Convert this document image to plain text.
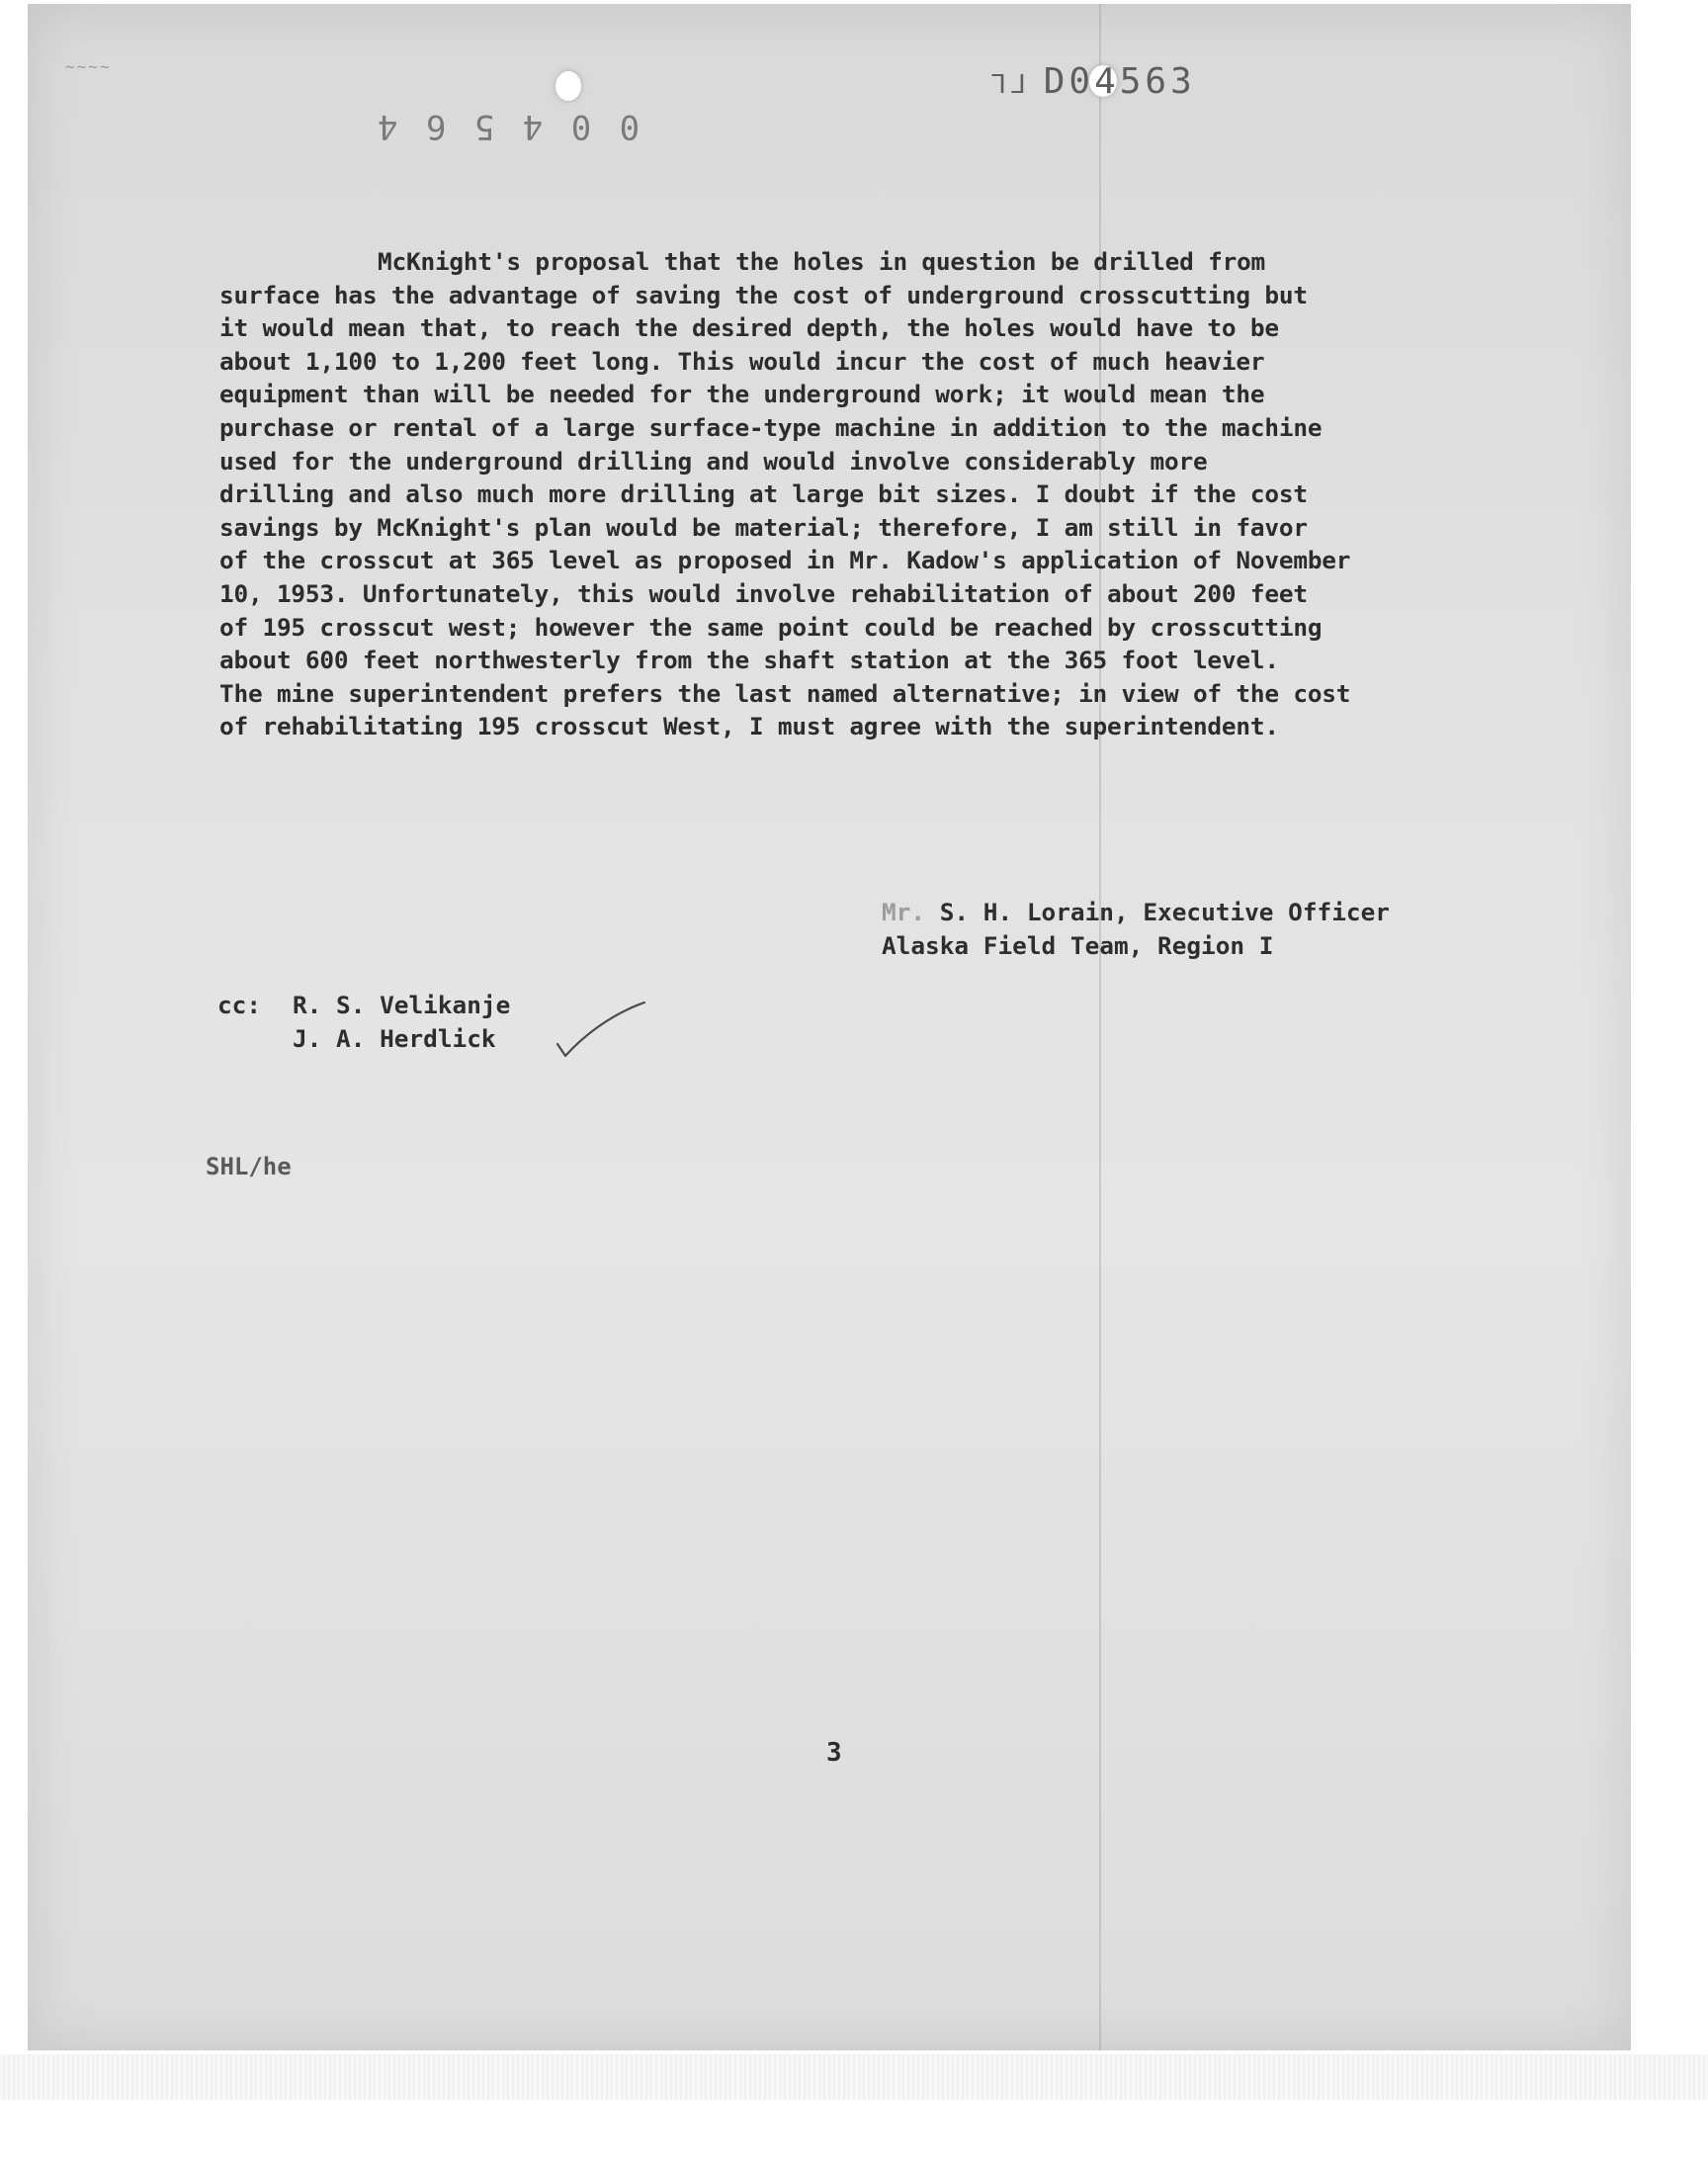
~~~~
0 0 4 5 6 4
ᒣᒧ D04563
McKnight's proposal that the holes in question be drilled from
surface has the advantage of saving the cost of underground crosscutting but
it would mean that, to reach the desired depth, the holes would have to be
about 1,100 to 1,200 feet long. This would incur the cost of much heavier
equipment than will be needed for the underground work; it would mean the
purchase or rental of a large surface-type machine in addition to the machine
used for the underground drilling and would involve considerably more
drilling and also much more drilling at large bit sizes. I doubt if the cost
savings by McKnight's plan would be material; therefore, I am still in favor
of the crosscut at 365 level as proposed in Mr. Kadow's application of November
10, 1953. Unfortunately, this would involve rehabilitation of about 200 feet
of 195 crosscut west; however the same point could be reached by crosscutting
about 600 feet northwesterly from the shaft station at the 365 foot level.
The mine superintendent prefers the last named alternative; in view of the cost
of rehabilitating 195 crosscut West, I must agree with the superintendent.
Mr. S. H. Lorain, Executive Officer
Alaska Field Team, Region I
cc: R. S. Velikanje
J. A. Herdlick
SHL/he
3
